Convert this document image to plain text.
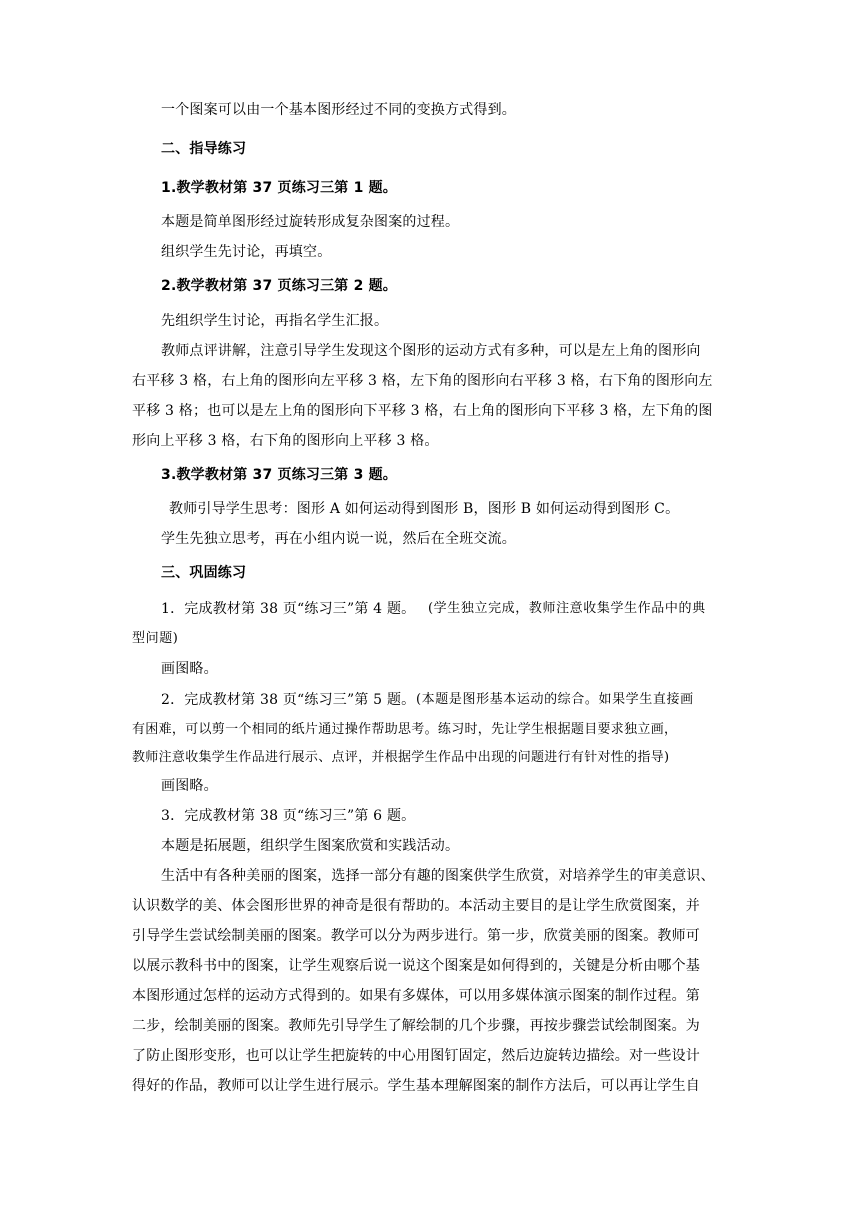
一个图案可以由一个基本图形经过不同的变换方式得到。
二、指导练习
1.教学教材第 37 页练习三第 1 题。
本题是简单图形经过旋转形成复杂图案的过程。
组织学生先讨论，再填空。
2.教学教材第 37 页练习三第 2 题。
先组织学生讨论，再指名学生汇报。
教师点评讲解，注意引导学生发现这个图形的运动方式有多种，可以是左上角的图形向
右平移 3 格，右上角的图形向左平移 3 格，左下角的图形向右平移 3 格，右下角的图形向左
平移 3 格；也可以是左上角的图形向下平移 3 格，右上角的图形向下平移 3 格，左下角的图
形向上平移 3 格，右下角的图形向上平移 3 格。
3.教学教材第 37 页练习三第 3 题。
教师引导学生思考：图形 A 如何运动得到图形 B，图形 B 如何运动得到图形 C。
学生先独立思考，再在小组内说一说，然后在全班交流。
三、巩固练习
1．完成教材第 38 页“练习三”第 4 题。 (学生独立完成，教师注意收集学生作品中的典
型问题)
画图略。
2．完成教材第 38 页“练习三”第 5 题。 (本题是图形基本运动的综合。如果学生直接画
有困难，可以剪一个相同的纸片通过操作帮助思考。练习时，先让学生根据题目要求独立画，
教师注意收集学生作品进行展示、点评，并根据学生作品中出现的问题进行有针对性的指导)
画图略。
3．完成教材第 38 页“练习三”第 6 题。
本题是拓展题，组织学生图案欣赏和实践活动。
生活中有各种美丽的图案，选择一部分有趣的图案供学生欣赏，对培养学生的审美意识、
认识数学的美、体会图形世界的神奇是很有帮助的。本活动主要目的是让学生欣赏图案，并
引导学生尝试绘制美丽的图案。教学可以分为两步进行。第一步，欣赏美丽的图案。教师可
以展示教科书中的图案，让学生观察后说一说这个图案是如何得到的，关键是分析由哪个基
本图形通过怎样的运动方式得到的。如果有多媒体，可以用多媒体演示图案的制作过程。第
二步，绘制美丽的图案。教师先引导学生了解绘制的几个步骤，再按步骤尝试绘制图案。为
了防止图形变形，也可以让学生把旋转的中心用图钉固定，然后边旋转边描绘。对一些设计
得好的作品，教师可以让学生进行展示。学生基本理解图案的制作方法后，可以再让学生自
